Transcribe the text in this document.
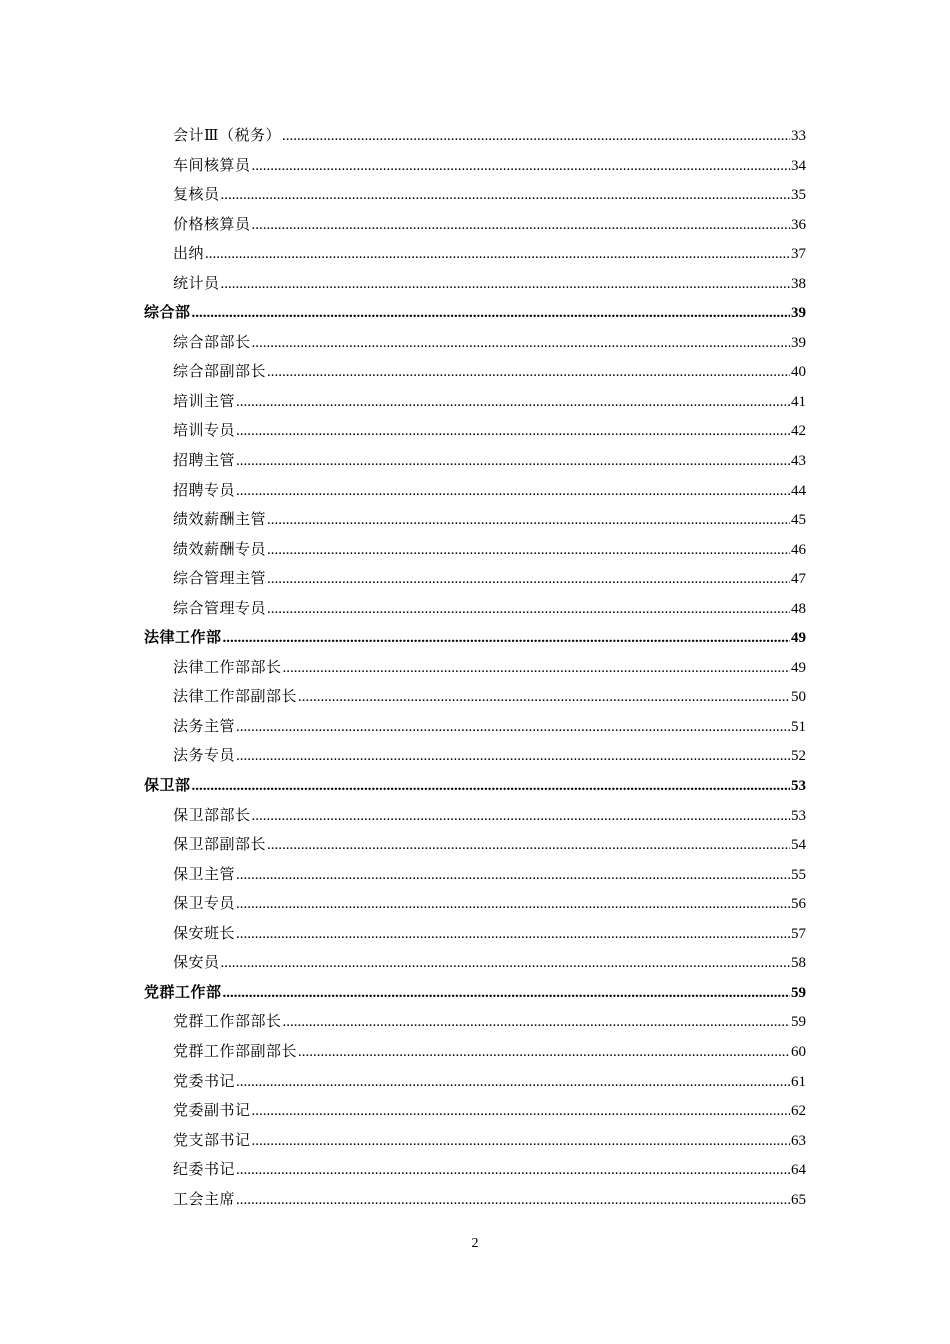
会计Ⅲ（税务） .....	33
车间核算员 .....	34
复核员 .....	35
价格核算员 .....	36
出纳 .....	37
统计员 .....	38
综合部 .....	39
综合部部长 .....	39
综合部副部长 .....	40
培训主管 .....	41
培训专员 .....	42
招聘主管 .....	43
招聘专员 .....	44
绩效薪酬主管 .....	45
绩效薪酬专员 .....	46
综合管理主管 .....	47
综合管理专员 .....	48
法律工作部 .....	49
法律工作部部长 .....	49
法律工作部副部长 .....	50
法务主管 .....	51
法务专员 .....	52
保卫部 .....	53
保卫部部长 .....	53
保卫部副部长 .....	54
保卫主管 .....	55
保卫专员 .....	56
保安班长 .....	57
保安员 .....	58
党群工作部 .....	59
党群工作部部长 .....	59
党群工作部副部长 .....	60
党委书记 .....	61
党委副书记 .....	62
党支部书记 .....	63
纪委书记 .....	64
工会主席 .....	65
2
